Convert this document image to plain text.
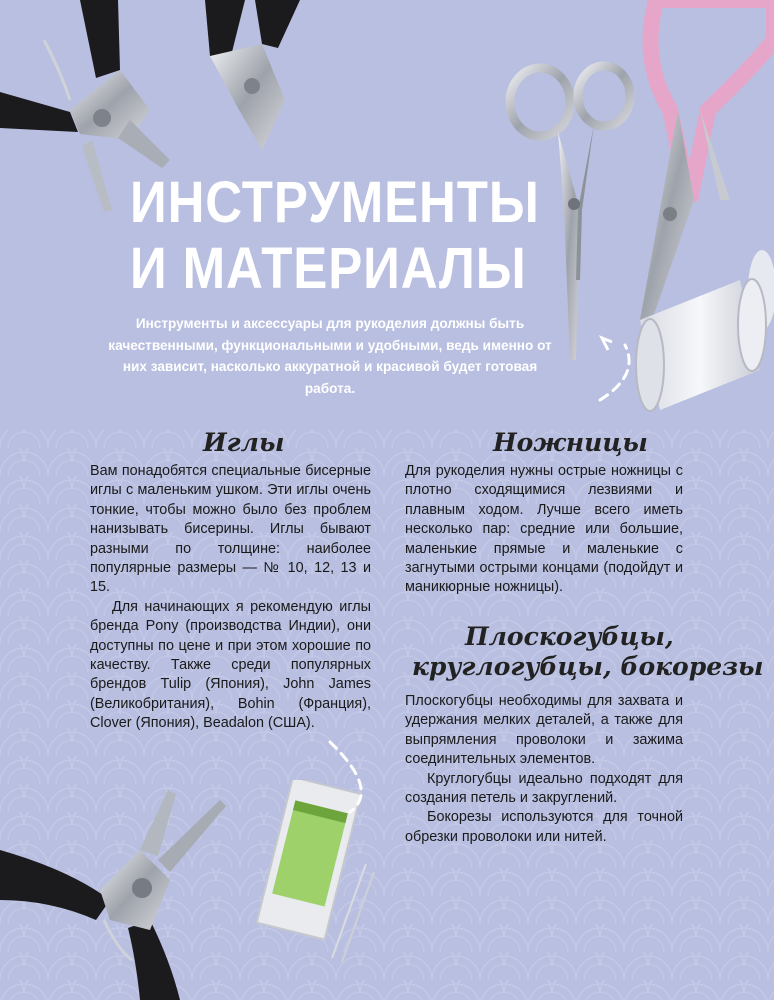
ИНСТРУМЕНТЫ
И МАТЕРИАЛЫ

Инструменты и аксессуары для рукоделия должны быть качественными, функциональными и удобными, ведь именно от них зависит, насколько аккуратной и красивой будет готовая работа.

Иглы

Вам понадобятся специальные бисерные иглы с маленьким ушком. Эти иглы очень тонкие, чтобы можно было без проблем нанизывать бисерины. Иглы бывают разными по толщине: наиболее популярные размеры — № 10, 12, 13 и 15.

Для начинающих я рекомендую иглы бренда Pony (производства Индии), они доступны по цене и при этом хорошие по качеству. Также среди популярных брендов Tulip (Япония), John James (Великобритания), Bohin (Франция), Clover (Япония), Beadalon (США).

Ножницы

Для рукоделия нужны острые ножницы с плотно сходящимися лезвиями и плавным ходом. Лучше всего иметь несколько пар: средние или большие, маленькие прямые и маленькие с загнутыми острыми концами (подойдут и маникюрные ножницы).

Плоскогубцы,
круглогубцы, бокорезы

Плоскогубцы необходимы для захвата и удержания мелких деталей, а также для выпрямления проволоки и зажима соединительных элементов.

Круглогубцы идеально подходят для создания петель и закруглений.

Бокорезы используются для точной обрезки проволоки или нитей.
